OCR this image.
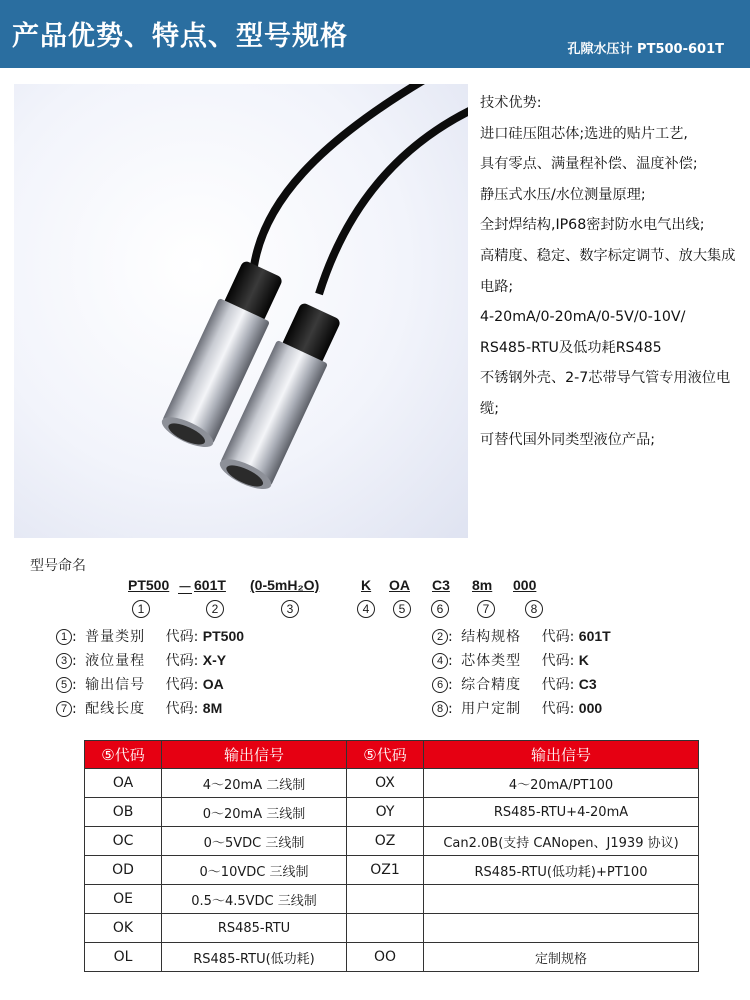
产品优势、特点、型号规格	孔隙水压计 PT500-601T

技术优势:

进口硅压阻芯体;选进的贴片工艺,

具有零点、满量程补偿、温度补偿;

静压式水压/水位测量原理;

全封焊结构,IP68密封防水电气出线;

高精度、稳定、数字标定调节、放大集成电路;

4-20mA/0-20mA/0-5V/0-10V/

RS485-RTU及低功耗RS485

不锈钢外壳、2-7芯带导气管专用液位电缆;

可替代国外同类型液位产品;

型号命名
PT500 － 601T (0-5mH₂O)	K OA C3 8m 000
1	2	3	4	5	6	7	8
1 : 普量类别 代码: PT500	2 : 结构规格 代码: 601T
3 : 液位量程 代码: X-Y	4 : 芯体类型 代码: K
5 : 输出信号 代码: OA	6 : 综合精度 代码: C3
7 : 配线长度 代码: 8M	8 : 用户定制 代码: 000
⑤代码	输出信号	⑤代码	输出信号
OA	4～20mA 二线制	OX	4～20mA/PT100
OB	0～20mA 三线制	OY	RS485-RTU+4-20mA
OC	0～5VDC 三线制	OZ	Can2.0B(支持 CANopen、J1939 协议)
OD	0～10VDC 三线制	OZ1	RS485-RTU(低功耗)+PT100
OE	0.5～4.5VDC 三线制		
OK	RS485-RTU		
OL	RS485-RTU(低功耗)	OO	定制规格
